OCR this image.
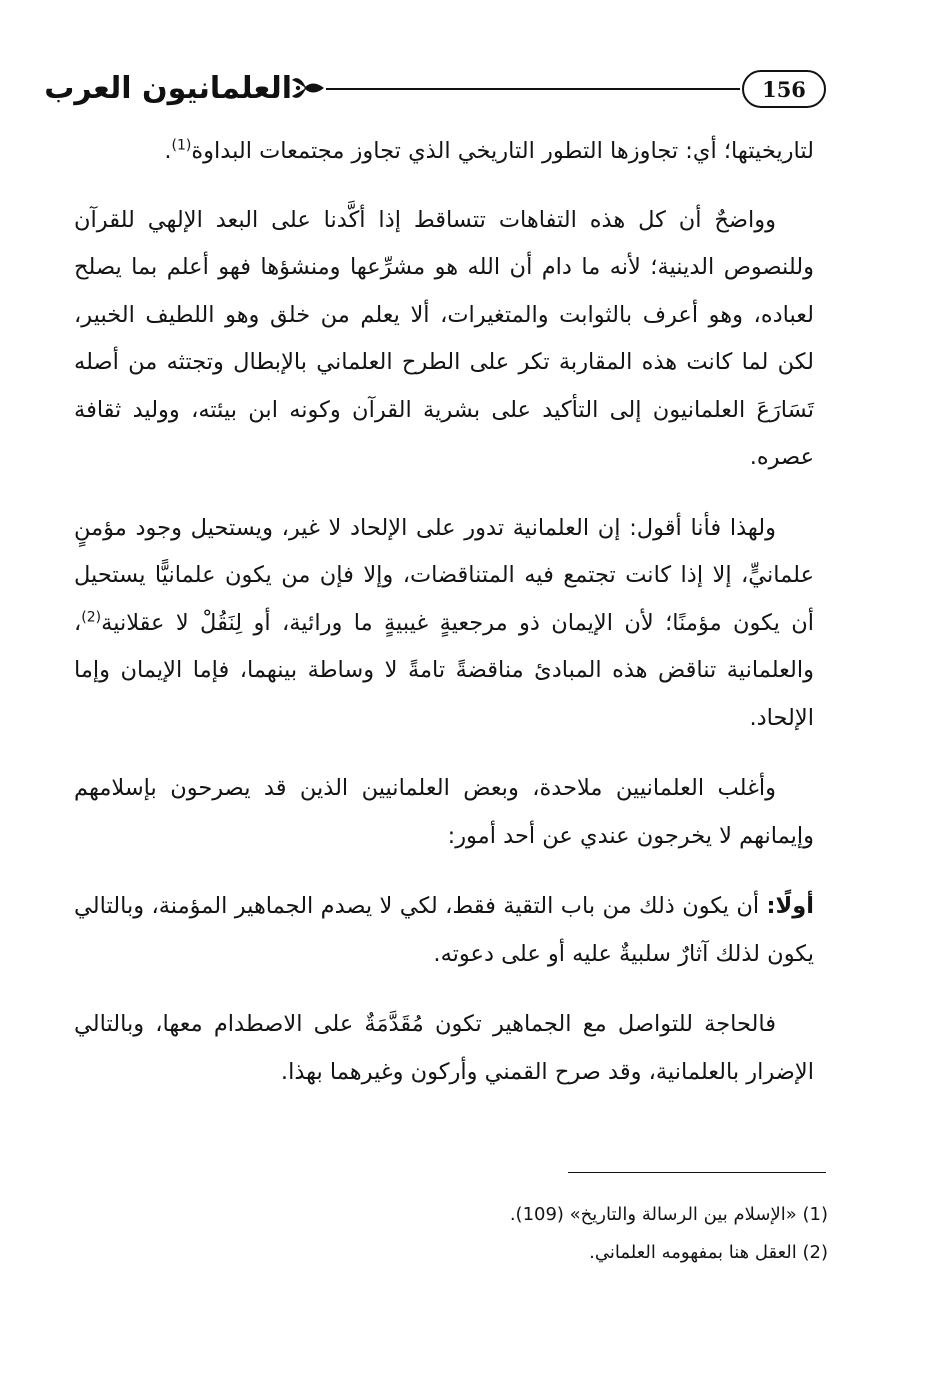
العلمانيون العرب	156

لتاريخيتها؛ أي: تجاوزها التطور التاريخي الذي تجاوز مجتمعات البداوة$^{(1)}$.

وواضحٌ أن كل هذه التفاهات تتساقط إذا أكَّدنا على البعد الإلهي للقرآن وللنصوص الدينية؛ لأنه ما دام أن الله هو مشرِّعها ومنشؤها فهو أعلم بما يصلح لعباده، وهو أعرف بالثوابت والمتغيرات، ألا يعلم من خلق وهو اللطيف الخبير، لكن لما كانت هذه المقاربة تكر على الطرح العلماني بالإبطال وتجتثه من أصله تَسَارَعَ العلمانيون إلى التأكيد على بشرية القرآن وكونه ابن بيئته، ووليد ثقافة عصره.

ولهذا فأنا أقول: إن العلمانية تدور على الإلحاد لا غير، ويستحيل وجود مؤمنٍ علمانيٍّ، إلا إذا كانت تجتمع فيه المتناقضات، وإلا فإن من يكون علمانيًّا يستحيل أن يكون مؤمنًا؛ لأن الإيمان ذو مرجعيةٍ غيبيةٍ ما ورائية، أو لِنَقُلْ لا عقلانية$^{(2)}$، والعلمانية تناقض هذه المبادئ مناقضةً تامةً لا وساطة بينهما، فإما الإيمان وإما الإلحاد.

وأغلب العلمانيين ملاحدة، وبعض العلمانيين الذين قد يصرحون بإسلامهم وإيمانهم لا يخرجون عندي عن أحد أمور:

أولًا: أن يكون ذلك من باب التقية فقط، لكي لا يصدم الجماهير المؤمنة، وبالتالي يكون لذلك آثارٌ سلبيةٌ عليه أو على دعوته.

فالحاجة للتواصل مع الجماهير تكون مُقَدَّمَةٌ على الاصطدام معها، وبالتالي الإضرار بالعلمانية، وقد صرح القمني وأركون وغيرهما بهذا.

(1) «الإسلام بين الرسالة والتاريخ» (109).

(2) العقل هنا بمفهومه العلماني.
